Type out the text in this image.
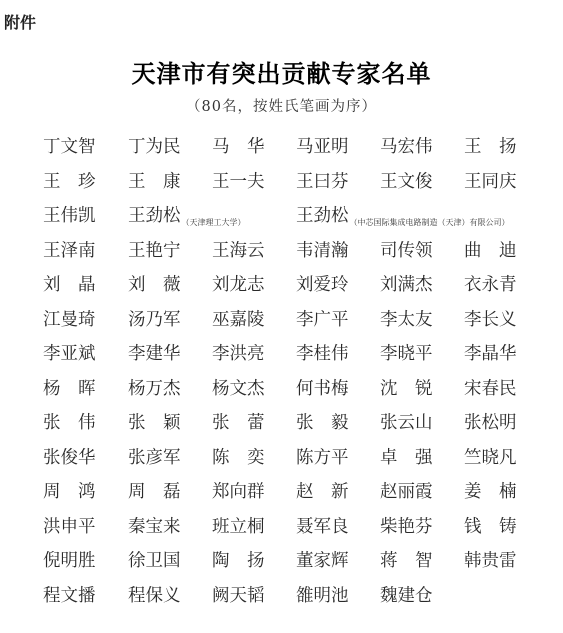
附件
天津市有突出贡献专家名单
（80名，按姓氏笔画为序）
丁文智 丁为民 马　华 马亚明 马宏伟 王　扬
王　珍 王　康 王一夫 王曰芬 王文俊 王同庆
王伟凯 王劲松$_{(天津理工大学)}$	王劲松$_{(中芯国际集成电路制造(天津)有限公司)}$
王泽南 王艳宁 王海云 韦清瀚 司传领 曲　迪
刘　晶 刘　薇 刘龙志 刘爱玲 刘满杰 衣永青
江曼琦 汤乃军 巫嘉陵 李广平 李太友 李长义
李亚斌 李建华 李洪亮 李桂伟 李晓平 李晶华
杨　晖 杨万杰 杨文杰 何书梅 沈　锐 宋春民
张　伟 张　颖 张　蕾 张　毅 张云山 张松明
张俊华 张彦军 陈　奕 陈方平 卓　强 竺晓凡
周　鸿 周　磊 郑向群 赵　新 赵丽霞 姜　楠
洪申平 秦宝来 班立桐 聂军良 柴艳芬 钱　铸
倪明胜 徐卫国 陶　扬 董家辉 蒋　智 韩贵雷
程文播 程保义 阙天韬 雒明池 魏建仓
